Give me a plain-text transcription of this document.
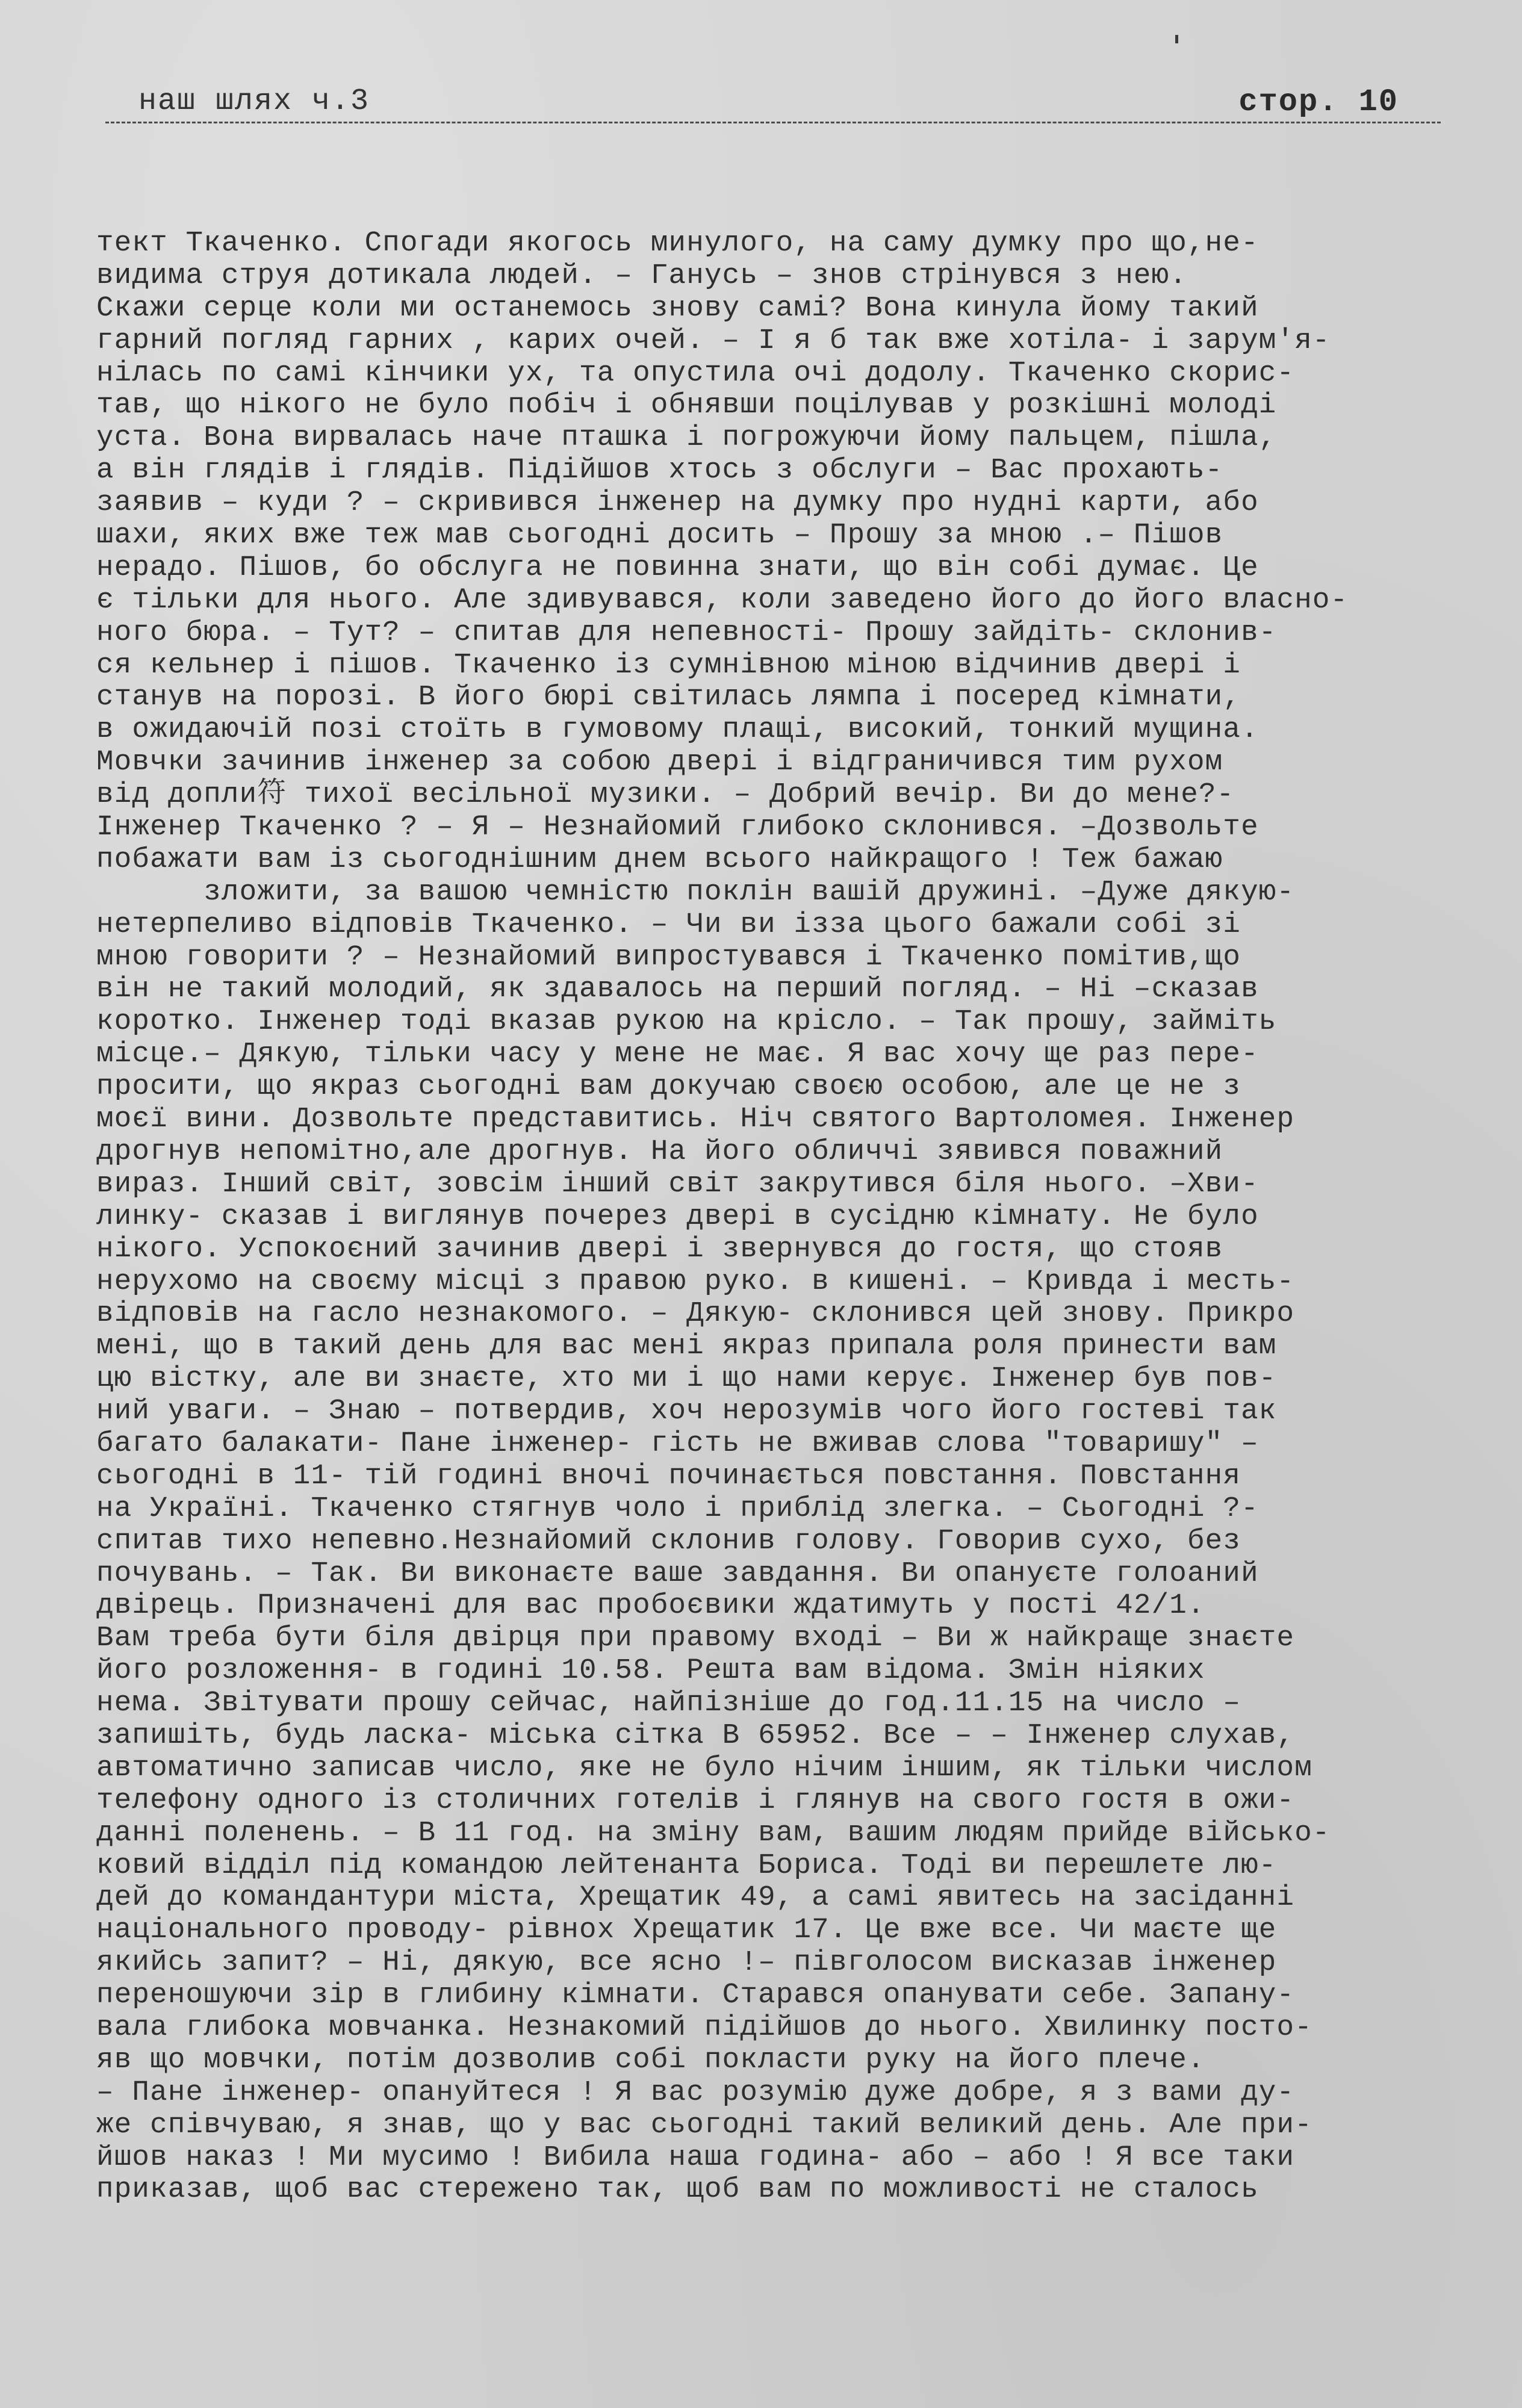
наш шлях ч.3	стор. 10
тект Ткаченко. Спогади якогось минулого, на саму думку про що,не-
видима струя дотикала людей. – Ганусь – знов стрінувся з нею.
Скажи серце коли ми останемось знову самі? Вона кинула йому такий
гарний погляд гарних , карих очей. – І я б так вже хотіла- і зарум'я-
нілась по самі кінчики ух, та опустила очі додолу. Ткаченко скорис-
тав, що нікого не було побіч і обнявши поцілував у розкішні молоді
уста. Вона вирвалась наче пташка і погрожуючи йому пальцем, пішла,
а він глядів і глядів. Підійшов хтось з обслуги – Вас прохають-
заявив – куди ? – скривився інженер на думку про нудні карти, або
шахи, яких вже теж мав сьогодні досить – Прошу за мною .– Пішов
нерадо. Пішов, бо обслуга не повинна знати, що він собі думає. Це
є тільки для нього. Але здивувався, коли заведено його до його власно-
ного бюра. – Тут? – спитав для непевності- Прошу зайдіть- склонив-
ся кельнер і пішов. Ткаченко із сумнівною міною відчинив двері і
станув на порозі. В його бюрі світилась лямпа і посеред кімнати,
в ожидаючій позі стоїть в гумовому плащі, високий, тонкий мущина.
Мовчки зачинив інженер за собою двері і відграничився тим рухом
від допли符 тихої весільної музики. – Добрий вечір. Ви до мене?-
Інженер Ткаченко ? – Я – Незнайомий глибоко склонився. –Дозвольте
побажати вам із сьогоднішним днем всього найкращого ! Теж бажаю
зложити, за вашою чемністю поклін вашій дружині. –Дуже дякую-
нетерпеливо відповів Ткаченко. – Чи ви ізза цього бажали собі зі
мною говорити ? – Незнайомий випростувався і Ткаченко помітив,що
він не такий молодий, як здавалось на перший погляд. – Ні –сказав
коротко. Інженер тоді вказав рукою на крісло. – Так прошу, займіть
місце.– Дякую, тільки часу у мене не має. Я вас хочу ще раз пере-
просити, що якраз сьогодні вам докучаю своєю особою, але це не з
моєї вини. Дозвольте представитись. Ніч святого Вартоломея. Інженер
дрогнув непомітно,але дрогнув. На його обличчі зявився поважний
вираз. Інший світ, зовсім інший світ закрутився біля нього. –Хви-
линку- сказав і виглянув почерез двері в сусідню кімнату. Не було
нікого. Успокоєний зачинив двері і звернувся до гостя, що стояв
нерухомо на своєму місці з правою руко. в кишені. – Кривда і месть-
відповів на гасло незнакомого. – Дякую- склонився цей знову. Прикро
мені, що в такий день для вас мені якраз припала роля принести вам
цю вістку, але ви знаєте, хто ми і що нами керує. Інженер був пов-
ний уваги. – Знаю – потвердив, хоч нерозумів чого його гостеві так
багато балакати- Пане інженер- гість не вживав слова "товаришу" –
сьогодні в 11- тій годині вночі починається повстання. Повстання
на Україні. Ткаченко стягнув чоло і приблід злегка. – Сьогодні ?-
спитав тихо непевно.Незнайомий склонив голову. Говорив сухо, без
почувань. – Так. Ви виконаєте ваше завдання. Ви опануєте голоаний
двірець. Призначені для вас пробоєвики ждатимуть у пості 42/1.
Вам треба бути біля двірця при правому вході – Ви ж найкраще знаєте
його розложення- в годині 10.58. Решта вам відома. Змін ніяких
нема. Звітувати прошу сейчас, найпізніше до год.11.15 на число –
запишіть, будь ласка- міська сітка В 65952. Все – – Інженер слухав,
автоматично записав число, яке не було нічим іншим, як тільки числом
телефону одного із столичних готелів і глянув на свого гостя в ожи-
данні поленень. – В 11 год. на зміну вам, вашим людям прийде військо-
ковий відділ під командою лейтенанта Бориса. Тоді ви перешлете лю-
дей до командантури міста, Хрещатик 49, а самі явитесь на засіданні
національного проводу- рівнох Хрещатик 17. Це вже все. Чи маєте ще
якийсь запит? – Ні, дякую, все ясно !– півголосом висказав інженер
переношуючи зір в глибину кімнати. Старався опанувати себе. Запану-
вала глибока мовчанка. Незнакомий підійшов до нього. Хвилинку посто-
яв що мовчки, потім дозволив собі покласти руку на його плече.
– Пане інженер- опануйтеся ! Я вас розумію дуже добре, я з вами ду-
же співчуваю, я знав, що у вас сьогодні такий великий день. Але при-
йшов наказ ! Ми мусимо ! Вибила наша година- або – або ! Я все таки
приказав, щоб вас стережено так, щоб вам по можливості не сталось
